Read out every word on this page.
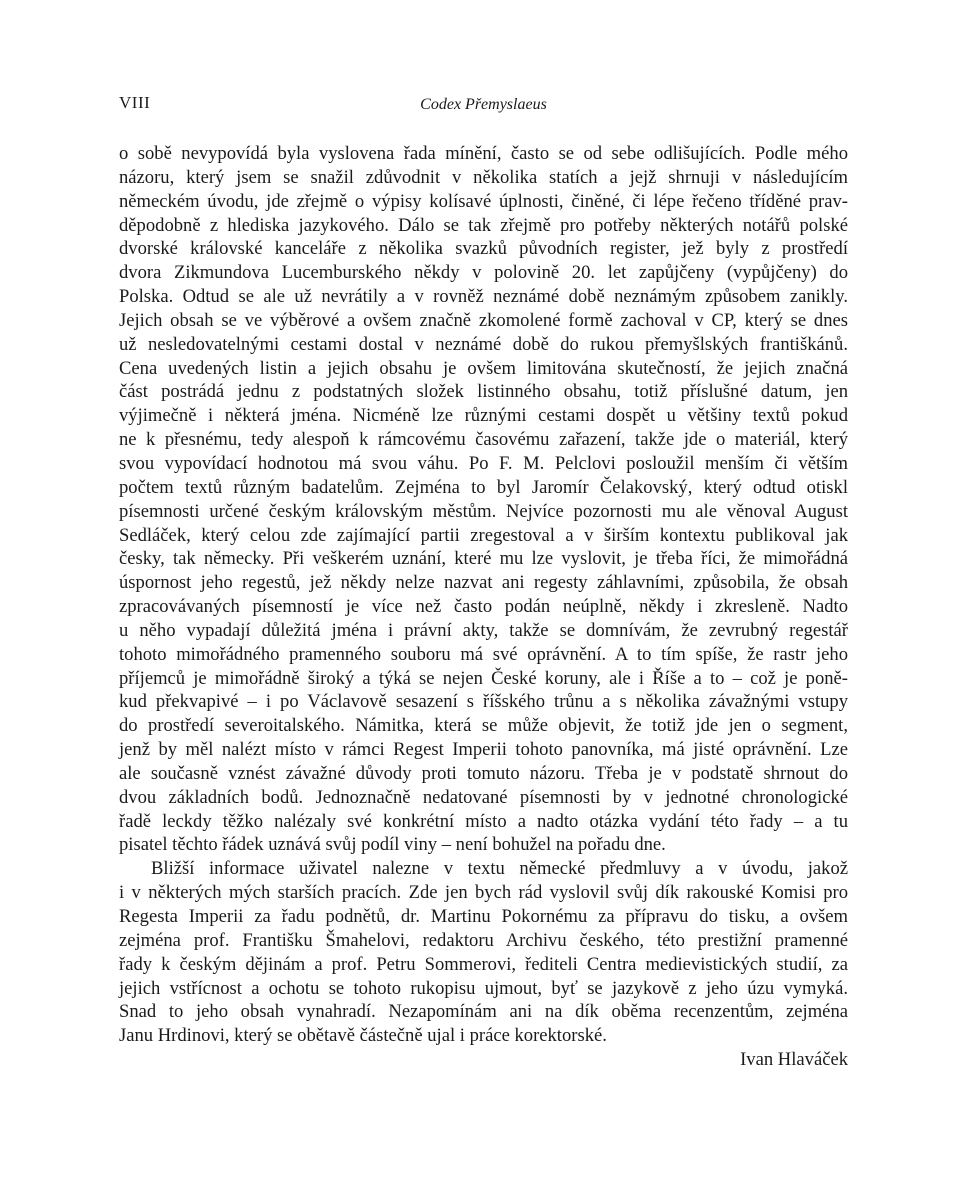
VIII	Codex Přemyslaeus
o sobě nevypovídá byla vyslovena řada mínění, často se od sebe odlišujících. Podle mého
názoru, který jsem se snažil zdůvodnit v několika statích a jejž shrnuji v následujícím
německém úvodu, jde zřejmě o výpisy kolísavé úplnosti, činěné, či lépe řečeno tříděné prav-
děpodobně z hlediska jazykového. Dálo se tak zřejmě pro potřeby některých notářů polské
dvorské královské kanceláře z několika svazků původních register, jež byly z prostředí
dvora Zikmundova Lucemburského někdy v polovině 20. let zapůjčeny (vypůjčeny) do
Polska. Odtud se ale už nevrátily a v rovněž neznámé době neznámým způsobem zanikly.
Jejich obsah se ve výběrové a ovšem značně zkomolené formě zachoval v CP, který se dnes
už nesledovatelnými cestami dostal v neznámé době do rukou přemyšlských františkánů.
Cena uvedených listin a jejich obsahu je ovšem limitována skutečností, že jejich značná
část postrádá jednu z podstatných složek listinného obsahu, totiž příslušné datum, jen
výjimečně i některá jména. Nicméně lze různými cestami dospět u většiny textů pokud
ne k přesnému, tedy alespoň k rámcovému časovému zařazení, takže jde o materiál, který
svou vypovídací hodnotou má svou váhu. Po F. M. Pelclovi posloužil menším či větším
počtem textů různým badatelům. Zejména to byl Jaromír Čelakovský, který odtud otiskl
písemnosti určené českým královským městům. Nejvíce pozornosti mu ale věnoval August
Sedláček, který celou zde zajímající partii zregestoval a v širším kontextu publikoval jak
česky, tak německy. Při veškerém uznání, které mu lze vyslovit, je třeba říci, že mimořádná
úspornost jeho regestů, jež někdy nelze nazvat ani regesty záhlavními, způsobila, že obsah
zpracovávaných písemností je více než často podán neúplně, někdy i zkresleně. Nadto
u něho vypadají důležitá jména i právní akty, takže se domnívám, že zevrubný regestář
tohoto mimořádného pramenného souboru má své oprávnění. A to tím spíše, že rastr jeho
příjemců je mimořádně široký a týká se nejen České koruny, ale i Říše a to – což je poně-
kud překvapivé – i po Václavově sesazení s říšského trůnu a s několika závažnými vstupy
do prostředí severoitalského. Námitka, která se může objevit, že totiž jde jen o segment,
jenž by měl nalézt místo v rámci Regest Imperii tohoto panovníka, má jisté oprávnění. Lze
ale současně vznést závažné důvody proti tomuto názoru. Třeba je v podstatě shrnout do
dvou základních bodů. Jednoznačně nedatované písemnosti by v jednotné chronologické
řadě leckdy těžko nalézaly své konkrétní místo a nadto otázka vydání této řady – a tu
pisatel těchto řádek uznává svůj podíl viny – není bohužel na pořadu dne.
Bližší informace uživatel nalezne v textu německé předmluvy a v úvodu, jakož
i v některých mých starších pracích. Zde jen bych rád vyslovil svůj dík rakouské Komisi pro
Regesta Imperii za řadu podnětů, dr. Martinu Pokornému za přípravu do tisku, a ovšem
zejména prof. Františku Šmahelovi, redaktoru Archivu českého, této prestižní pramenné
řady k českým dějinám a prof. Petru Sommerovi, řediteli Centra medievistických studií, za
jejich vstřícnost a ochotu se tohoto rukopisu ujmout, byť se jazykově z jeho úzu vymyká.
Snad to jeho obsah vynahradí. Nezapomínám ani na dík oběma recenzentům, zejména
Janu Hrdinovi, který se obětavě částečně ujal i práce korektorské.
Ivan Hlaváček
